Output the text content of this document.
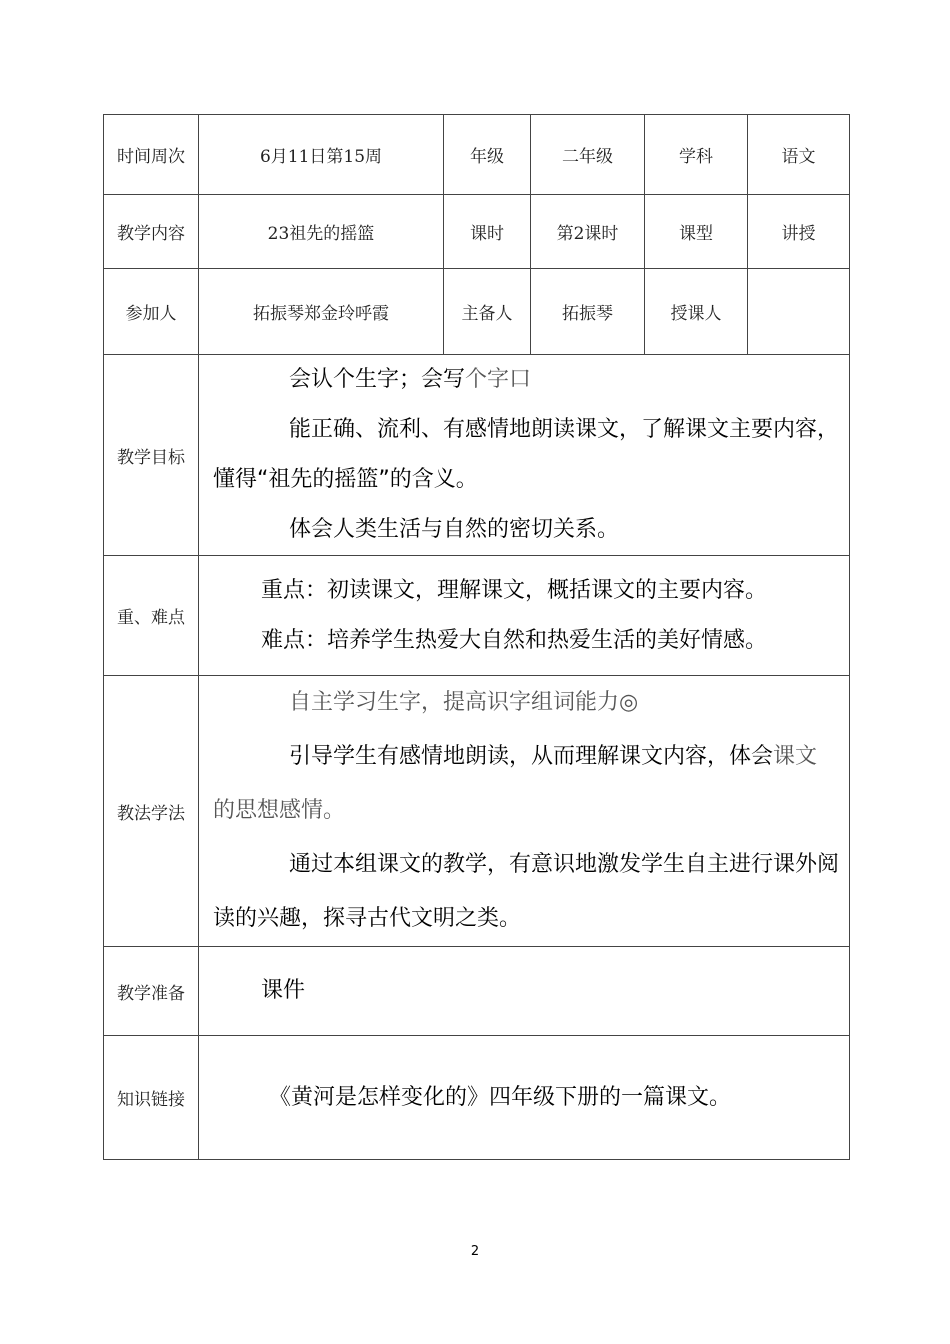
时间周次	6月11日第15周	年级	二年级	学科	语文
教学内容	23祖先的摇篮	课时	第2课时	课型	讲授
参加人	拓振琴郑金玲呼霞	主备人	拓振琴	授课人	
教学目标	会认个生字；会写个字口

能正确、流利、有感情地朗读课文，了解课文主要内容，懂得“祖先的摇篮”的含义。

体会人类生活与自然的密切关系。				

重、难点	重点：初读课文，理解课文，概括课文的主要内容。

难点：培养学生热爱大自然和热爱生活的美好情感。				

教法学法	自主学习生字，提高识字组词能力◎

引导学生有感情地朗读，从而理解课文内容，体会课文的思想感情。

通过本组课文的教学，有意识地激发学生自主进行课外阅读的兴趣，探寻古代文明之类。				

教学准备	课件				

知识链接	《黄河是怎样变化的》四年级下册的一篇课文。				

2
